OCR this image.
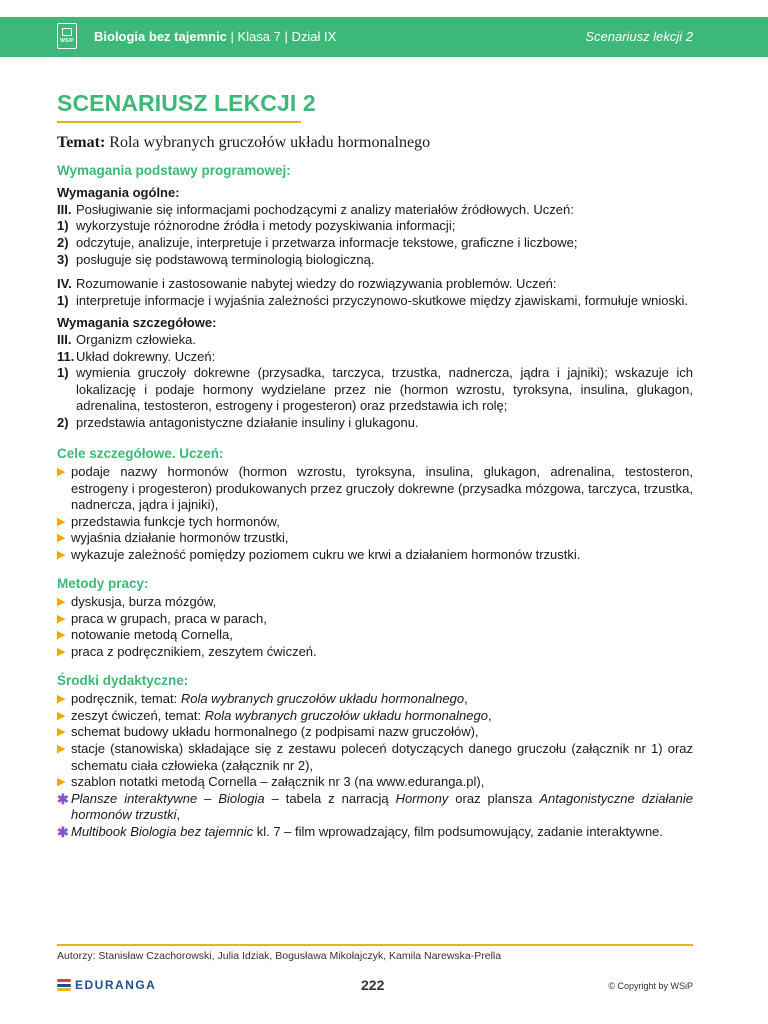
WSiP Biologia bez tajemnic | Klasa 7 | Dział IX	Scenariusz lekcji 2
SCENARIUSZ LEKCJI 2
Temat: Rola wybranych gruczołów układu hormonalnego
Wymagania podstawy programowej:
Wymagania ogólne:
III. Posługiwanie się informacjami pochodzącymi z analizy materiałów źródłowych. Uczeń:
1) wykorzystuje różnorodne źródła i metody pozyskiwania informacji;
2) odczytuje, analizuje, interpretuje i przetwarza informacje tekstowe, graficzne i liczbowe;
3) posługuje się podstawową terminologią biologiczną.
IV. Rozumowanie i zastosowanie nabytej wiedzy do rozwiązywania problemów. Uczeń:
1) interpretuje informacje i wyjaśnia zależności przyczynowo-skutkowe między zjawiskami, formułuje wnioski.
Wymagania szczegółowe:
III. Organizm człowieka.
11. Układ dokrewny. Uczeń:
1) wymienia gruczoły dokrewne (przysadka, tarczyca, trzustka, nadnercza, jądra i jajniki); wskazuje ich lokalizację i podaje hormony wydzielane przez nie (hormon wzrostu, tyroksyna, insulina, glukagon, adrenalina, testosteron, estrogeny i progesteron) oraz przedstawia ich rolę;
2) przedstawia antagonistyczne działanie insuliny i glukagonu.
Cele szczegółowe. Uczeń:
▶ podaje nazwy hormonów (hormon wzrostu, tyroksyna, insulina, glukagon, adrenalina, testosteron, estrogeny i progesteron) produkowanych przez gruczoły dokrewne (przysadka mózgowa, tarczyca, trzustka, nadnercza, jądra i jajniki),
▶ przedstawia funkcje tych hormonów,
▶ wyjaśnia działanie hormonów trzustki,
▶ wykazuje zależność pomiędzy poziomem cukru we krwi a działaniem hormonów trzustki.
Metody pracy:
▶ dyskusja, burza mózgów,
▶ praca w grupach, praca w parach,
▶ notowanie metodą Cornella,
▶ praca z podręcznikiem, zeszytem ćwiczeń.
Środki dydaktyczne:
▶ podręcznik, temat: Rola wybranych gruczołów układu hormonalnego,
▶ zeszyt ćwiczeń, temat: Rola wybranych gruczołów układu hormonalnego,
▶ schemat budowy układu hormonalnego (z podpisami nazw gruczołów),
▶ stacje (stanowiska) składające się z zestawu poleceń dotyczących danego gruczołu (załącznik nr 1) oraz schematu ciała człowieka (załącznik nr 2),
▶ szablon notatki metodą Cornella – załącznik nr 3 (na www.eduranga.pl),
✱ Plansze interaktywne – Biologia – tabela z narracją Hormony oraz plansza Antagonistyczne działanie hormonów trzustki,
✱ Multibook Biologia bez tajemnic kl. 7 – film wprowadzający, film podsumowujący, zadanie interaktywne.
Autorzy: Stanisław Czachorowski, Julia Idziak, Bogusława Mikołajczyk, Kamila Narewska-Prella
EDURANGA	222	© Copyright by WSiP
